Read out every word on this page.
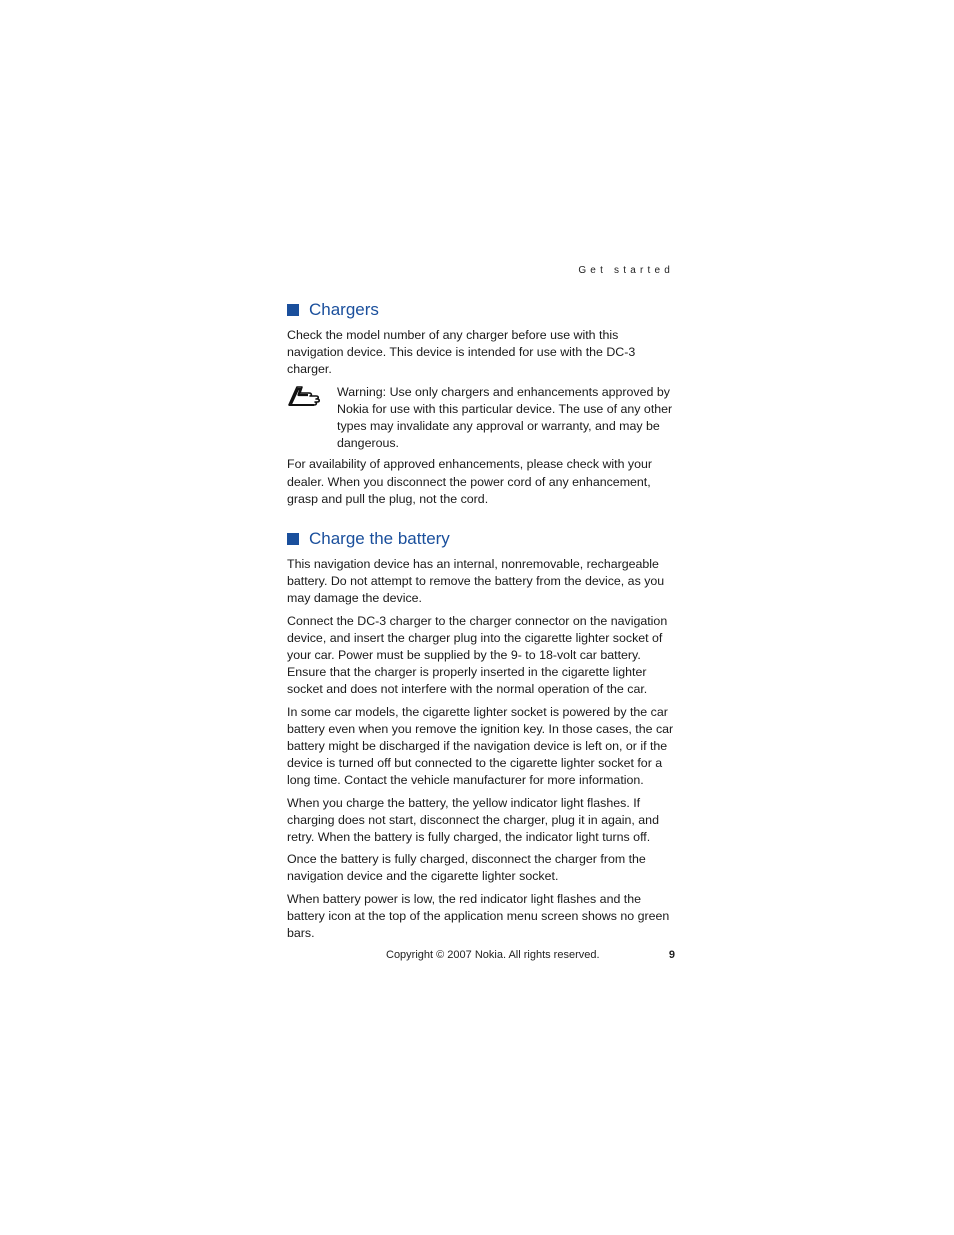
Get started
Chargers

Check the model number of any charger before use with this navigation device. This device is intended for use with the DC-3 charger.

Warning: Use only chargers and enhancements approved by Nokia for use with this particular device. The use of any other types may invalidate any approval or warranty, and may be dangerous.

For availability of approved enhancements, please check with your dealer. When you disconnect the power cord of any enhancement, grasp and pull the plug, not the cord.

Charge the battery

This navigation device has an internal, nonremovable, rechargeable battery. Do not attempt to remove the battery from the device, as you may damage the device.

Connect the DC-3 charger to the charger connector on the navigation device, and insert the charger plug into the cigarette lighter socket of your car. Power must be supplied by the 9- to 18-volt car battery. Ensure that the charger is properly inserted in the cigarette lighter socket and does not interfere with the normal operation of the car.

In some car models, the cigarette lighter socket is powered by the car battery even when you remove the ignition key. In those cases, the car battery might be discharged if the navigation device is left on, or if the device is turned off but connected to the cigarette lighter socket for a long time. Contact the vehicle manufacturer for more information.

When you charge the battery, the yellow indicator light flashes. If charging does not start, disconnect the charger, plug it in again, and retry. When the battery is fully charged, the indicator light turns off.

Once the battery is fully charged, disconnect the charger from the navigation device and the cigarette lighter socket.

When battery power is low, the red indicator light flashes and the battery icon at the top of the application menu screen shows no green bars.

Copyright © 2007 Nokia. All rights reserved.	9
